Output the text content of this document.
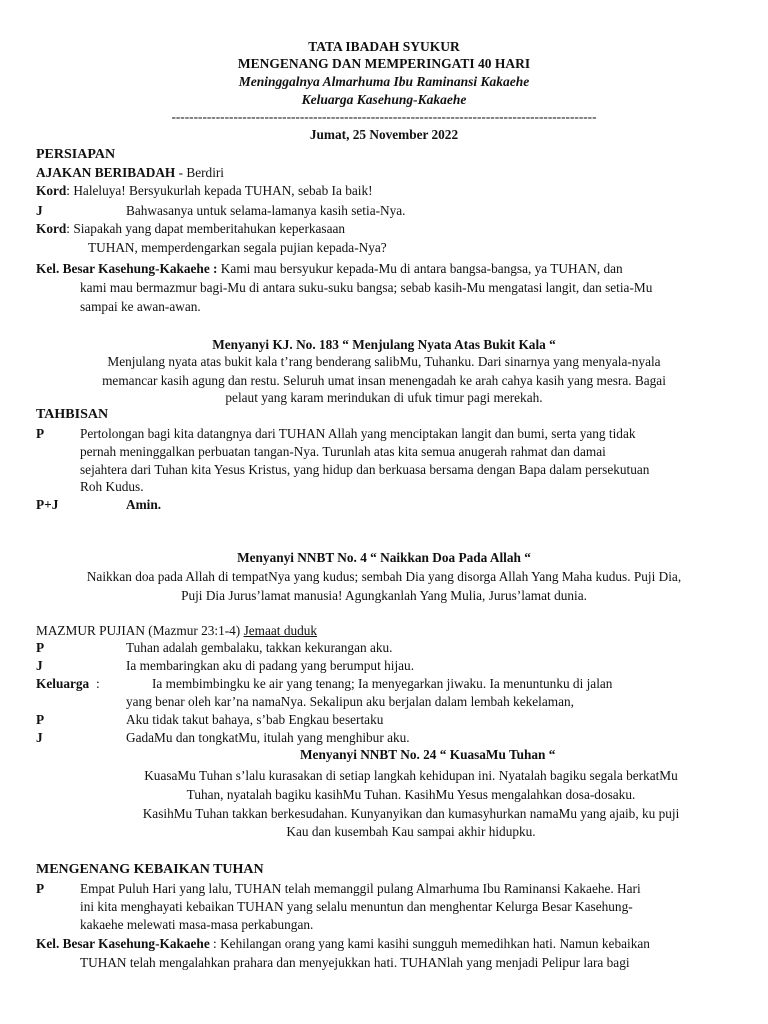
TATA IBADAH SYUKUR
MENGENANG DAN MEMPERINGATI 40 HARI
Meninggalnya Almarhuma Ibu Raminansi Kakaehe
Keluarga Kasehung-Kakaehe
------------------------------------------------------------------------------------------------
Jumat, 25 November 2022
PERSIAPAN
AJAKAN BERIBADAH - Berdiri
Kord: Haleluya! Bersyukurlah kepada TUHAN, sebab Ia baik!
J	Bahwasanya untuk selama-lamanya kasih setia-Nya.
Kord: Siapakah yang dapat memberitahukan keperkasaan
TUHAN, memperdengarkan segala pujian kepada-Nya?
Kel. Besar Kasehung-Kakaehe : Kami mau bersyukur kepada-Mu di antara bangsa-bangsa, ya TUHAN, dan
kami mau bermazmur bagi-Mu di antara suku-suku bangsa; sebab kasih-Mu mengatasi langit, dan setia-Mu
sampai ke awan-awan.
Menyanyi KJ. No. 183 “ Menjulang Nyata Atas Bukit Kala “
Menjulang nyata atas bukit kala t’rang benderang salibMu, Tuhanku. Dari sinarnya yang menyala-nyala
memancar kasih agung dan restu. Seluruh umat insan menengadah ke arah cahya kasih yang mesra. Bagai
pelaut yang karam merindukan di ufuk timur pagi merekah.
TAHBISAN
P	Pertolongan bagi kita datangnya dari TUHAN Allah yang menciptakan langit dan bumi, serta yang tidak
pernah meninggalkan perbuatan tangan-Nya. Turunlah atas kita semua anugerah rahmat dan damai
sejahtera dari Tuhan kita Yesus Kristus, yang hidup dan berkuasa bersama dengan Bapa dalam persekutuan
Roh Kudus.
P+J	Amin.
Menyanyi NNBT No. 4 “ Naikkan Doa Pada Allah “
Naikkan doa pada Allah di tempatNya yang kudus; sembah Dia yang disorga Allah Yang Maha kudus. Puji Dia,
Puji Dia Jurus’lamat manusia! Agungkanlah Yang Mulia, Jurus’lamat dunia.
MAZMUR PUJIAN (Mazmur 23:1-4) Jemaat duduk
P	Tuhan adalah gembalaku, takkan kekurangan aku.
J	Ia membaringkan aku di padang yang berumput hijau.
Keluarga :	Ia membimbingku ke air yang tenang; Ia menyegarkan jiwaku. Ia menuntunku di jalan
yang benar oleh kar’na namaNya. Sekalipun aku berjalan dalam lembah kekelaman,
P	Aku tidak takut bahaya, s’bab Engkau besertaku
J	GadaMu dan tongkatMu, itulah yang menghibur aku.
Menyanyi NNBT No. 24 “ KuasaMu Tuhan “
KuasaMu Tuhan s’lalu kurasakan di setiap langkah kehidupan ini. Nyatalah bagiku segala berkatMu
Tuhan, nyatalah bagiku kasihMu Tuhan. KasihMu Yesus mengalahkan dosa-dosaku.
KasihMu Tuhan takkan berkesudahan. Kunyanyikan dan kumasyhurkan namaMu yang ajaib, ku puji
Kau dan kusembah Kau sampai akhir hidupku.
MENGENANG KEBAIKAN TUHAN
P	Empat Puluh Hari yang lalu, TUHAN telah memanggil pulang Almarhuma Ibu Raminansi Kakaehe. Hari
ini kita menghayati kebaikan TUHAN yang selalu menuntun dan menghentar Kelurga Besar Kasehung-
kakaehe melewati masa-masa perkabungan.
Kel. Besar Kasehung-Kakaehe : Kehilangan orang yang kami kasihi sungguh memedihkan hati. Namun kebaikan
TUHAN telah mengalahkan prahara dan menyejukkan hati. TUHANlah yang menjadi Pelipur lara bagi
